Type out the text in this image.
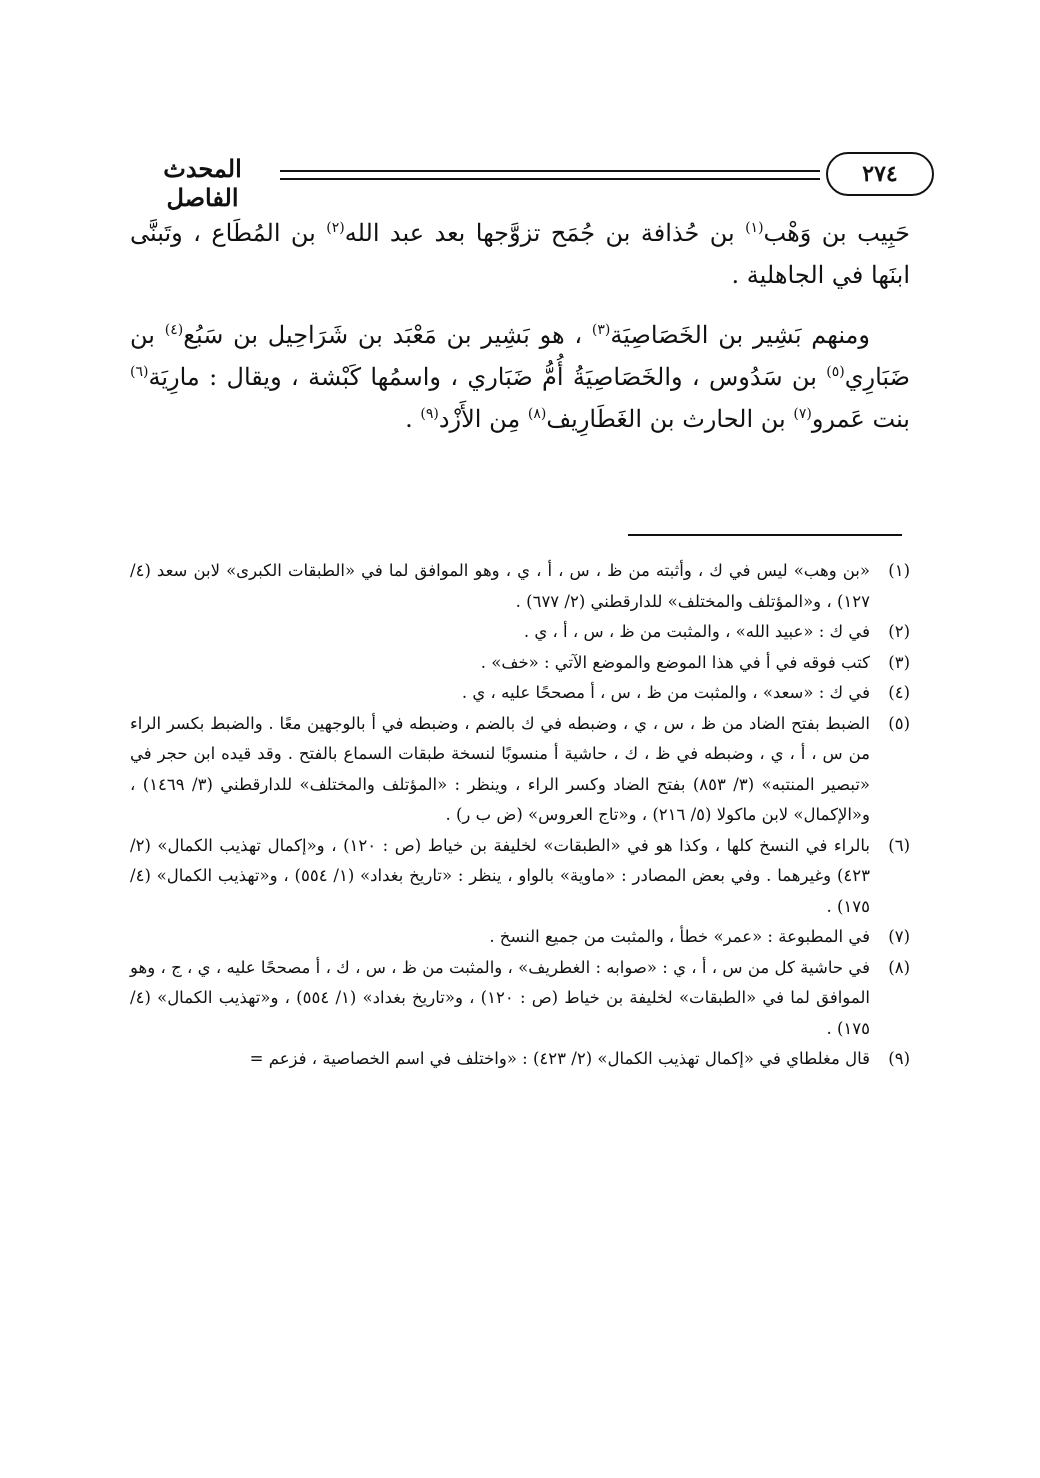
٢٧٤
المحدث الفاصل

حَبِيب بن وَهْب$^{(١)}$ بن حُذافة بن جُمَح تزوَّجها بعد عبد الله$^{(٢)}$ بن المُطَاع ، وتَبنَّى ابنَها في الجاهلية .

ومنهم بَشِير بن الخَصَاصِيَة$^{(٣)}$ ، هو بَشِير بن مَعْبَد بن شَرَاحِيل بن سَبُع$^{(٤)}$ بن ضَبَارِي$^{(٥)}$ بن سَدُوس ، والخَصَاصِيَةُ أُمُّ ضَبَاري ، واسمُها كَبْشة ، ويقال : مارِيَة$^{(٦)}$ بنت عَمرو$^{(٧)}$ بن الحارث بن الغَطَارِيف$^{(٨)}$ مِن الأَزْد$^{(٩)}$ .

(١)
«بن وهب» ليس في ك ، وأثبته من ظ ، س ، أ ، ي ، وهو الموافق لما في «الطبقات الكبرى» لابن سعد (٤/ ١٢٧) ، و«المؤتلف والمختلف» للدارقطني (٢/ ٦٧٧) .
(٢)
في ك : «عبيد الله» ، والمثبت من ظ ، س ، أ ، ي .
(٣)
كتب فوقه في أ في هذا الموضع والموضع الآتي : «خف» .
(٤)
في ك : «سعد» ، والمثبت من ظ ، س ، أ مصححًا عليه ، ي .
(٥)
الضبط بفتح الضاد من ظ ، س ، ي ، وضبطه في ك بالضم ، وضبطه في أ بالوجهين معًا . والضبط بكسر الراء من س ، أ ، ي ، وضبطه في ظ ، ك ، حاشية أ منسوبًا لنسخة طبقات السماع بالفتح . وقد قيده ابن حجر في «تبصير المنتبه» (٣/ ٨٥٣) بفتح الضاد وكسر الراء ، وينظر : «المؤتلف والمختلف» للدارقطني (٣/ ١٤٦٩) ، و«الإكمال» لابن ماكولا (٥/ ٢١٦) ، و«تاج العروس» (ض ب ر) .
(٦)
بالراء في النسخ كلها ، وكذا هو في «الطبقات» لخليفة بن خياط (ص : ١٢٠) ، و«إكمال تهذيب الكمال» (٢/ ٤٢٣) وغيرهما . وفي بعض المصادر : «ماوية» بالواو ، ينظر : «تاريخ بغداد» (١/ ٥٥٤) ، و«تهذيب الكمال» (٤/ ١٧٥) .
(٧)
في المطبوعة : «عمر» خطأ ، والمثبت من جميع النسخ .
(٨)
في حاشية كل من س ، أ ، ي : «صوابه : الغطريف» ، والمثبت من ظ ، س ، ك ، أ مصححًا عليه ، ي ، ج ، وهو الموافق لما في «الطبقات» لخليفة بن خياط (ص : ١٢٠) ، و«تاريخ بغداد» (١/ ٥٥٤) ، و«تهذيب الكمال» (٤/ ١٧٥) .
(٩)
قال مغلطاي في «إكمال تهذيب الكمال» (٢/ ٤٢٣) : «واختلف في اسم الخصاصية ، فزعم =
